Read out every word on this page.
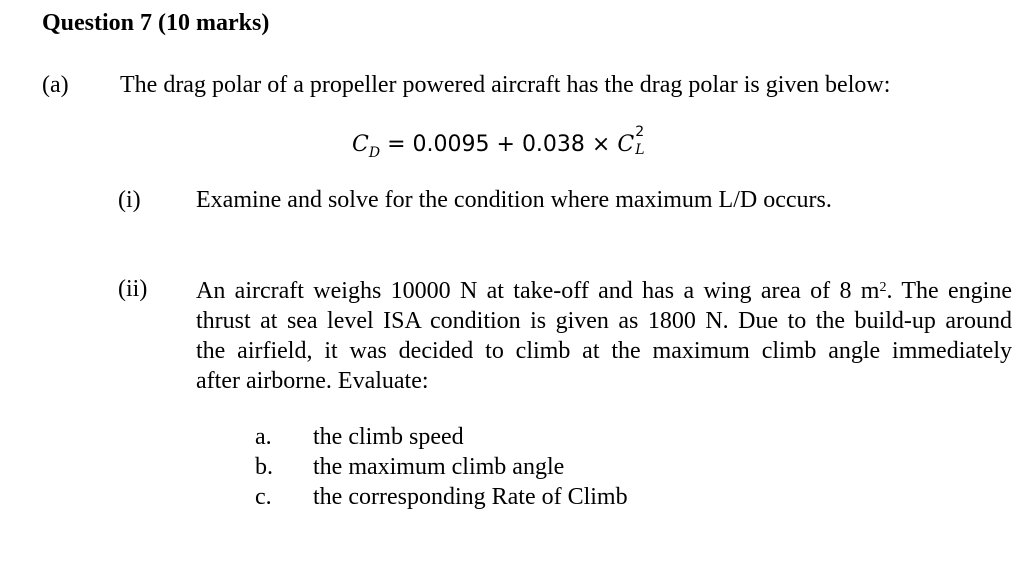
Question 7 (10 marks)
(a) The drag polar of a propeller powered aircraft has the drag polar is given below:
$C_D = 0.0095 + 0.038 \times C$ 2
L
(i) Examine and solve for the condition where maximum L/D occurs.
(ii) An aircraft weighs 10000 N at take-off and has a wing area of 8 $m^2$. The engine
thrust at sea level ISA condition is given as 1800 N. Due to the build-up around
the airfield, it was decided to climb at the maximum climb angle immediately
after airborne. Evaluate:
a. the climb speed
b. the maximum climb angle
c. the corresponding Rate of Climb
